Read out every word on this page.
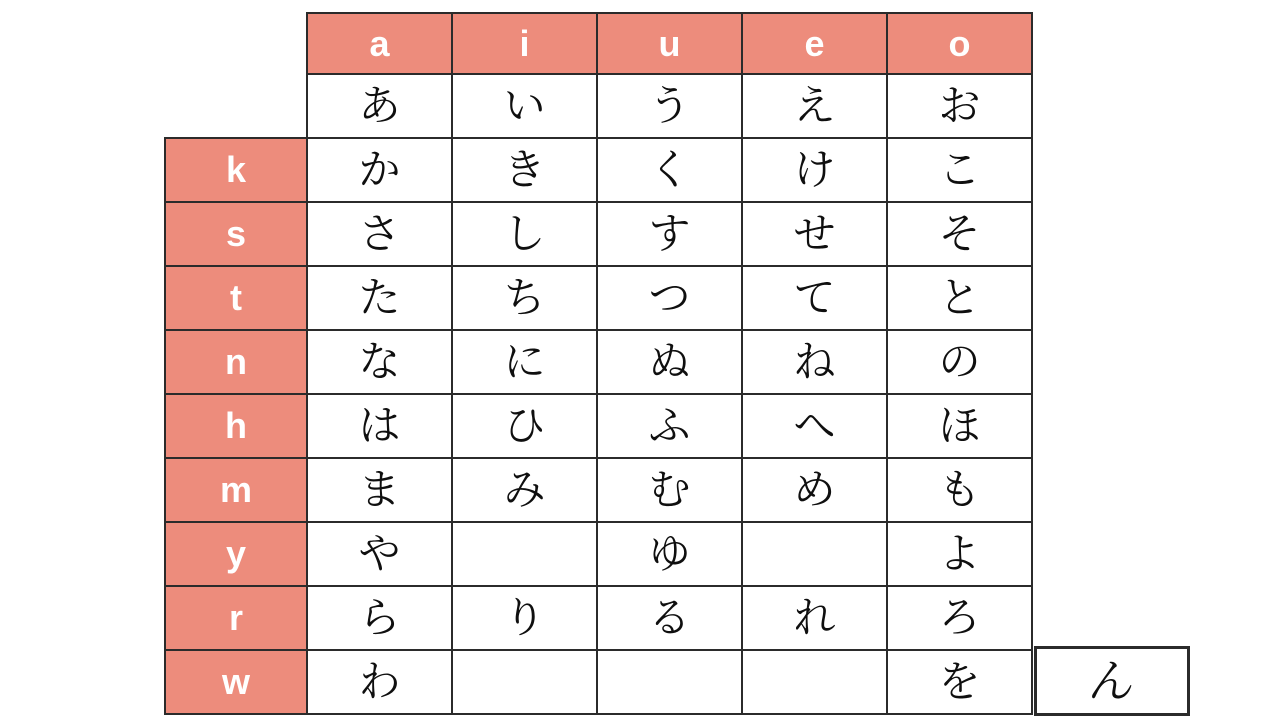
	a	i	u	e	o
	あ	い	う	え	お
k	か	き	く	け	こ
s	さ	し	す	せ	そ
t	た	ち	つ	て	と
n	な	に	ぬ	ね	の
h	は	ひ	ふ	へ	ほ
m	ま	み	む	め	も
y	や		ゆ		よ
r	ら	り	る	れ	ろ
w	わ				を ん
